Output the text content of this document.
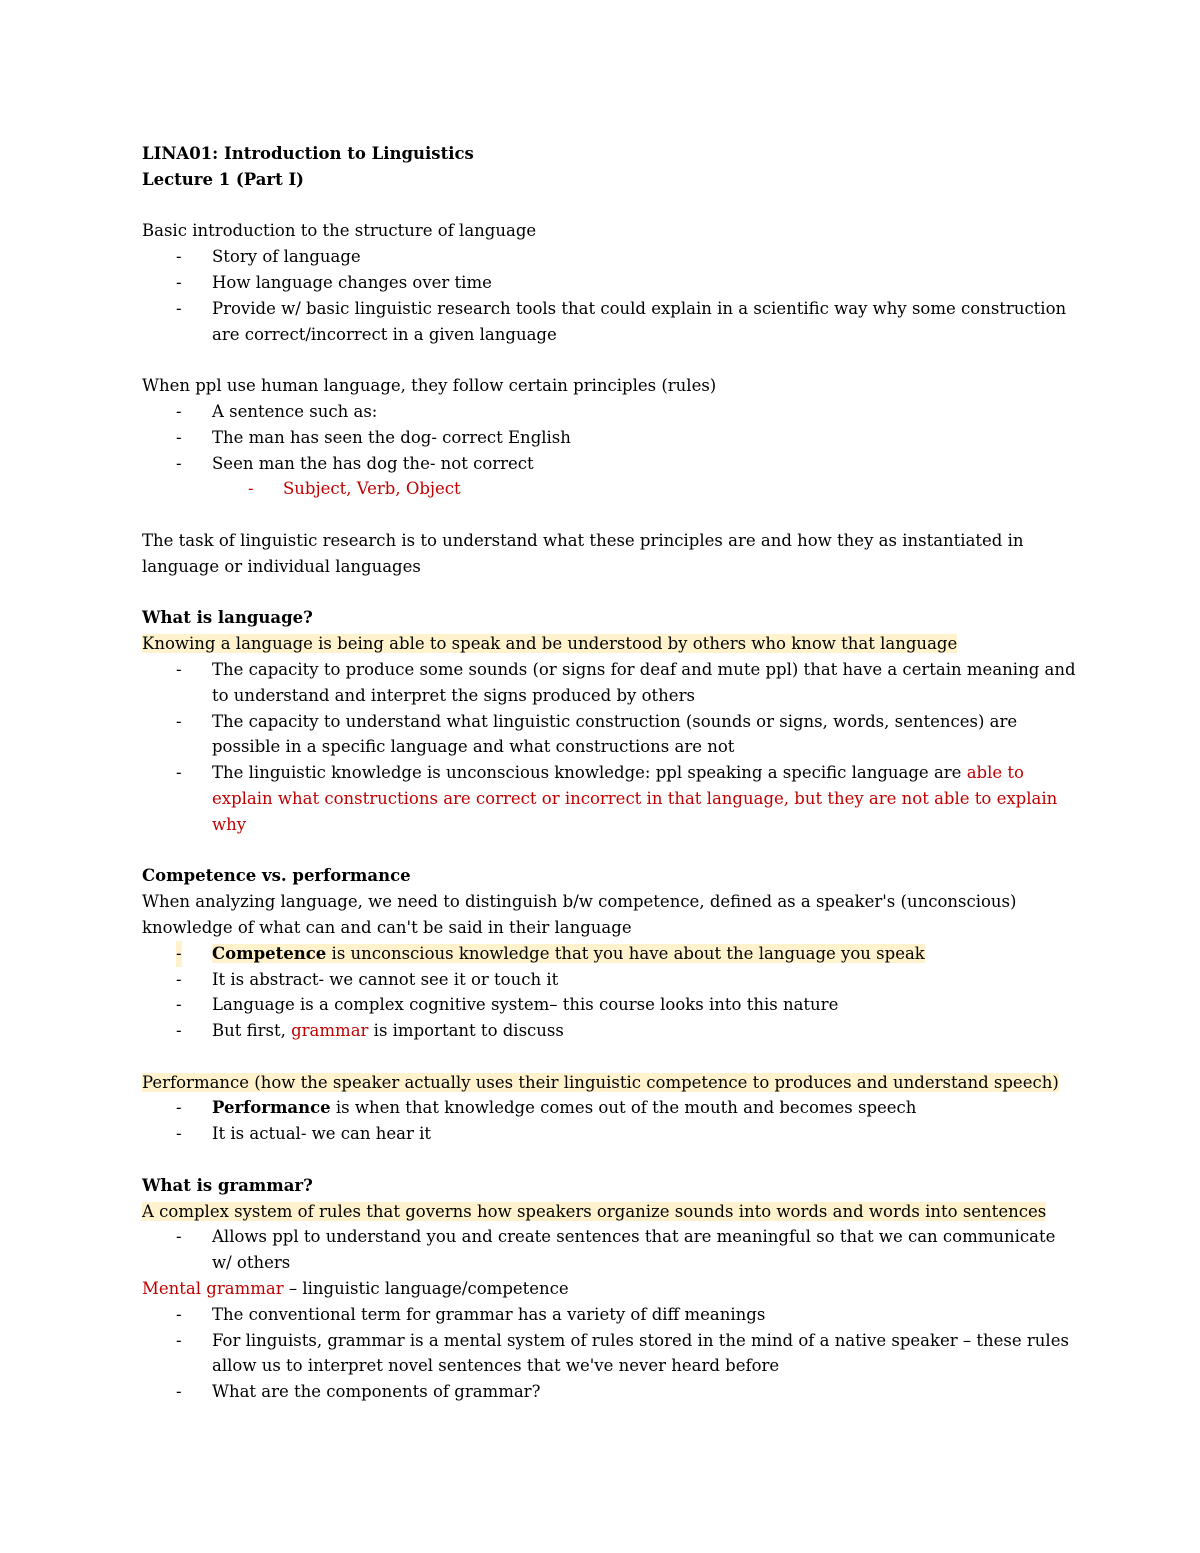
LINA01: Introduction to Linguistics
Lecture 1 (Part I)
Basic introduction to the structure of language
- Story of language
- How language changes over time
- Provide w/ basic linguistic research tools that could explain in a scientific way why some construction
are correct/incorrect in a given language
When ppl use human language, they follow certain principles (rules)
- A sentence such as:
- The man has seen the dog- correct English
- Seen man the has dog the- not correct
- Subject, Verb, Object
The task of linguistic research is to understand what these principles are and how they as instantiated in
language or individual languages
What is language?
Knowing a language is being able to speak and be understood by others who know that language
- The capacity to produce some sounds (or signs for deaf and mute ppl) that have a certain meaning and
to understand and interpret the signs produced by others
- The capacity to understand what linguistic construction (sounds or signs, words, sentences) are
possible in a specific language and what constructions are not
- The linguistic knowledge is unconscious knowledge: ppl speaking a specific language are able to
explain what constructions are correct or incorrect in that language, but they are not able to explain
why
Competence vs. performance
When analyzing language, we need to distinguish b/w competence, defined as a speaker's (unconscious)
knowledge of what can and can't be said in their language
- Competence is unconscious knowledge that you have about the language you speak
- It is abstract- we cannot see it or touch it
- Language is a complex cognitive system– this course looks into this nature
- But first, grammar is important to discuss
Performance (how the speaker actually uses their linguistic competence to produces and understand speech)
- Performance is when that knowledge comes out of the mouth and becomes speech
- It is actual- we can hear it
What is grammar?
A complex system of rules that governs how speakers organize sounds into words and words into sentences
- Allows ppl to understand you and create sentences that are meaningful so that we can communicate
w/ others
Mental grammar – linguistic language/competence
- The conventional term for grammar has a variety of diff meanings
- For linguists, grammar is a mental system of rules stored in the mind of a native speaker – these rules
allow us to interpret novel sentences that we've never heard before
- What are the components of grammar?
